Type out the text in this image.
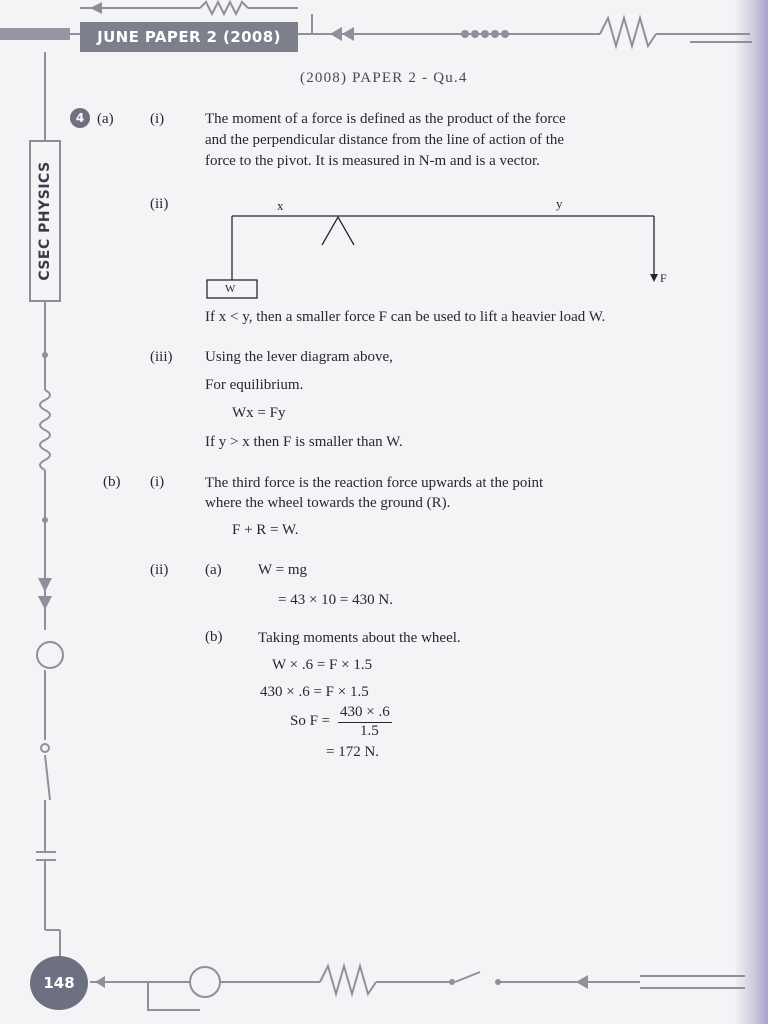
JUNE PAPER 2 (2008)
CSEC PHYSICS
148
(2008) PAPER 2 - Qu.4
4 (a) (i)	The moment of a force is defined as the product of the force
and the perpendicular distance from the line of action of the
force to the pivot. It is measured in N-m and is a vector.
(ii)	x	y
W
F
If x < y, then a smaller force F can be used to lift a heavier load W.
(iii) Using the lever diagram above,
For equilibrium.
Wx = Fy
If y > x then F is smaller than W.
(b) (i)	The third force is the reaction force upwards at the point
where the wheel towards the ground (R).
F + R = W.
(ii) (a) W = mg
= 43 × 10 = 430 N.
(b) Taking moments about the wheel.
W × .6 = F × 1.5
430 × .6 = F × 1.5
So F =
430 × .6
1.5
= 172 N.
